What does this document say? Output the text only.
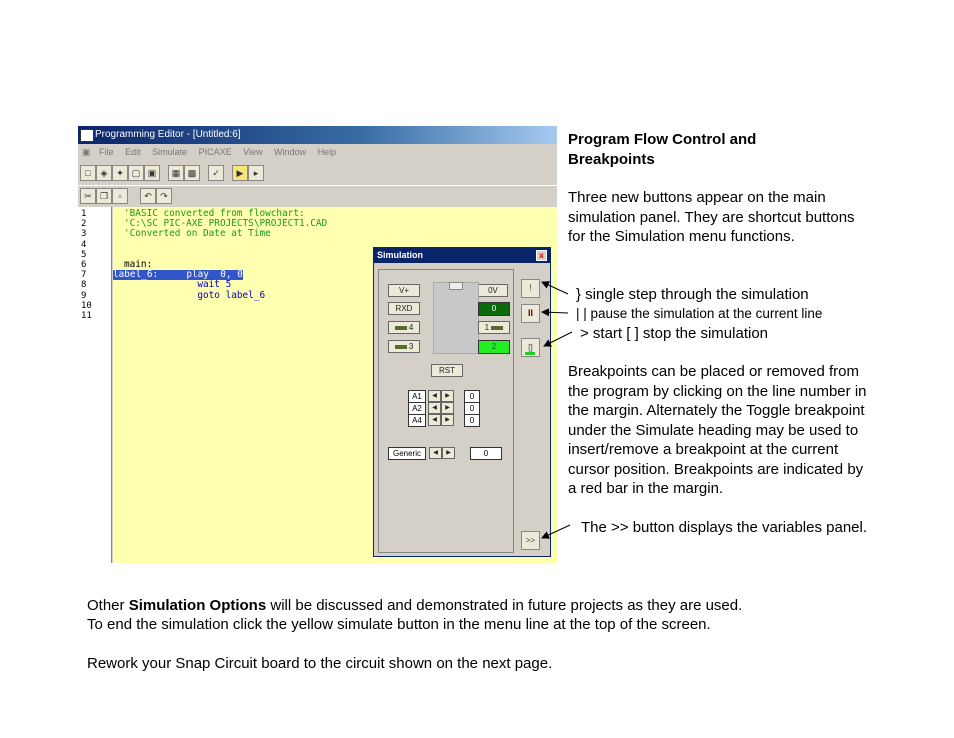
Programming Editor - [Untitled:6]
▣ File Edit Simulate PICAXE View Window Help
□	◈ ✦ ▢ ▣	▦ ▩	✓	▶	▸
✂ ❐	▫	↶ ↷
1
2
3
4
5
6
7
8
9
10
11
'BASIC converted from flowchart:
'C:\SC PIC-AXE PROJECTS\PROJECT1.CAD
'Converted on Date at Time
main:
label_6:     play  0, 0
wait 5
goto label_6
Simulation	x
V+	0V
RXD	0
4	1
3	2
RST
A1	◀	▶	0
A2	◀	▶	0
A4	◀	▶	0
Generic	◀	▶	0
!
II
[]
>>
Program Flow Control and Breakpoints
Three new buttons appear on the main simulation panel. They are shortcut buttons for the Simulation menu functions.
} single step through the simulation
| | pause the simulation at the current line
> start [ ] stop the simulation
Breakpoints can be placed or removed from the program by clicking on the line number in the margin. Alternately the Toggle breakpoint under the Simulate heading may be used to insert/remove a breakpoint at the current cursor position. Breakpoints are indicated by a red bar in the margin.
The >> button displays the variables panel.
Other Simulation Options will be discussed and demonstrated in future projects as they are used.
To end the simulation click the yellow simulate button in the menu line at the top of the screen.
Rework your Snap Circuit board to the circuit shown on the next page.
